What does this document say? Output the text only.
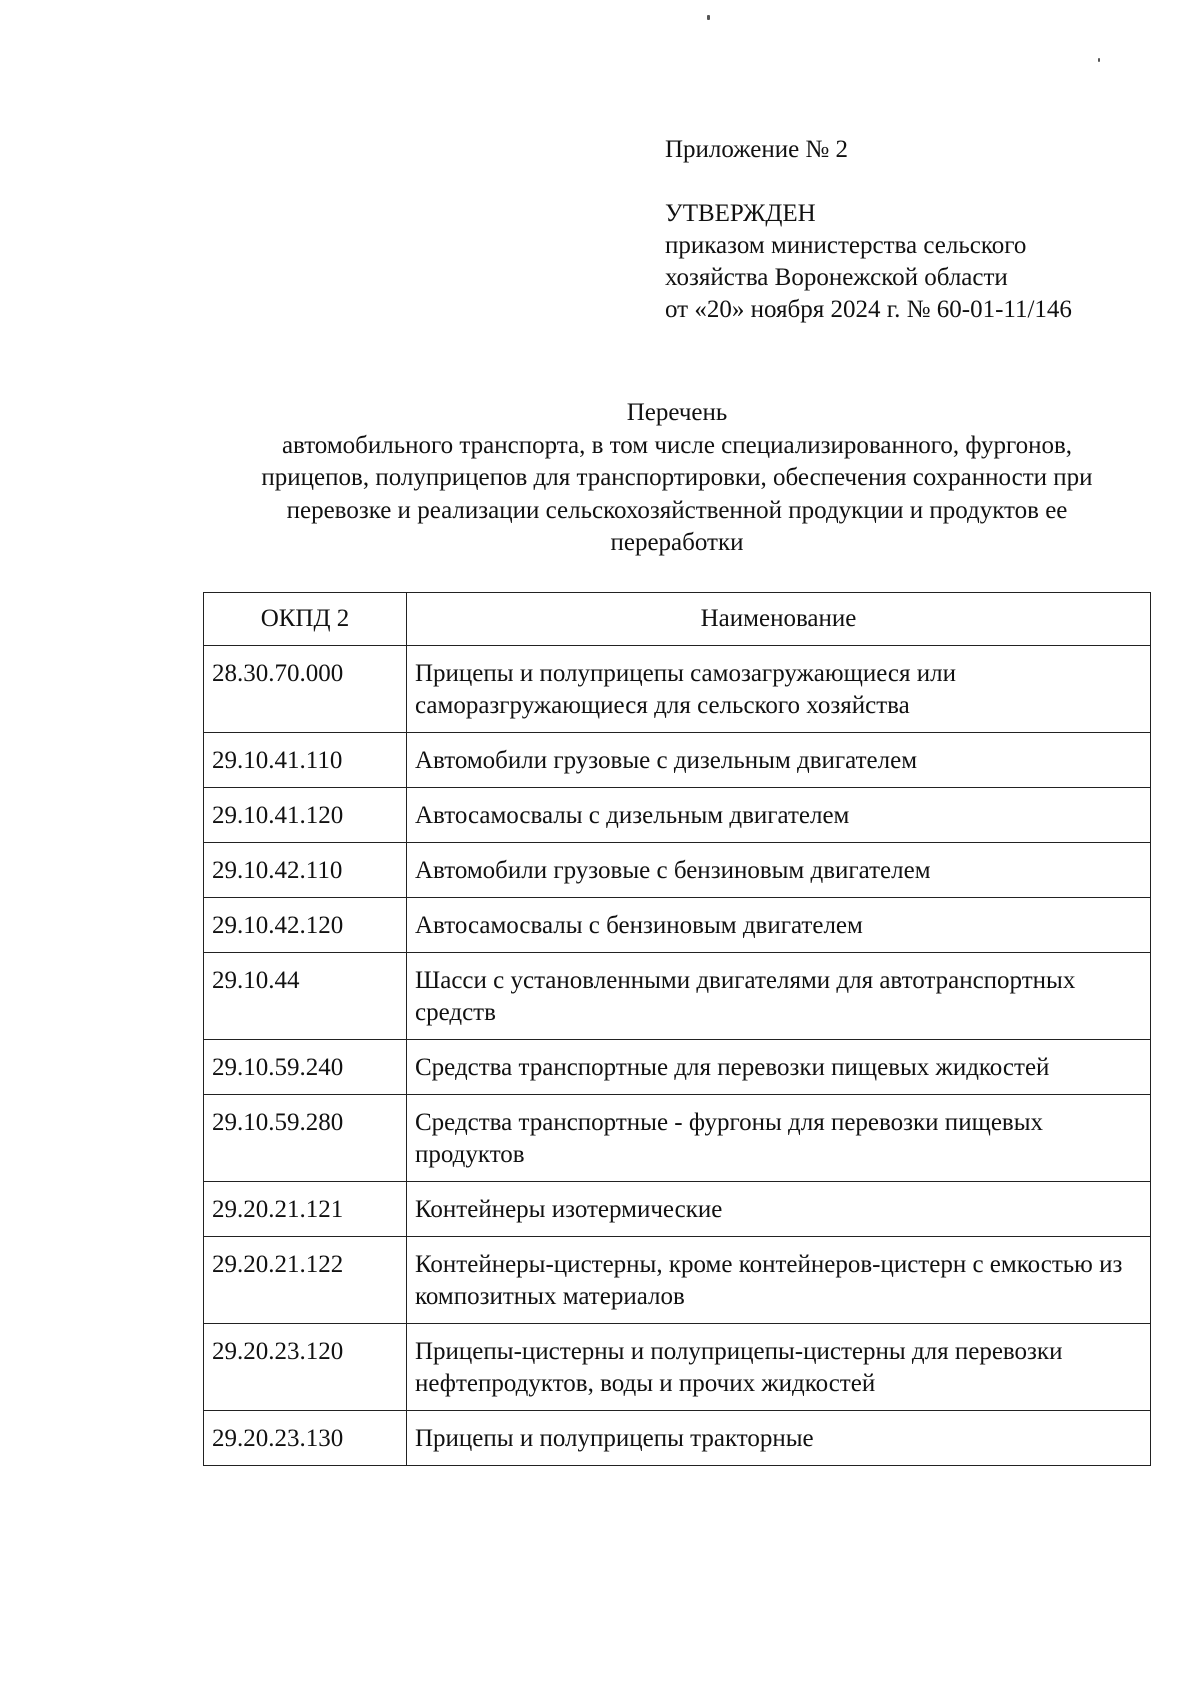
Приложение № 2
УТВЕРЖДЕН
приказом министерства сельского
хозяйства Воронежской области
от «20» ноября 2024 г. № 60-01-11/146
Перечень
автомобильного транспорта, в том числе специализированного, фургонов,
прицепов, полуприцепов для транспортировки, обеспечения сохранности при
перевозке и реализации сельскохозяйственной продукции и продуктов ее
переработки
ОКПД 2	Наименование
28.30.70.000	Прицепы и полуприцепы самозагружающиеся или саморазгружающиеся для сельского хозяйства
29.10.41.110	Автомобили грузовые с дизельным двигателем
29.10.41.120	Автосамосвалы с дизельным двигателем
29.10.42.110	Автомобили грузовые с бензиновым двигателем
29.10.42.120	Автосамосвалы с бензиновым двигателем
29.10.44	Шасси с установленными двигателями для автотранспортных средств
29.10.59.240	Средства транспортные для перевозки пищевых жидкостей
29.10.59.280	Средства транспортные - фургоны для перевозки пищевых продуктов
29.20.21.121	Контейнеры изотермические
29.20.21.122	Контейнеры-цистерны, кроме контейнеров-цистерн с емкостью из композитных материалов
29.20.23.120	Прицепы-цистерны и полуприцепы-цистерны для перевозки нефтепродуктов, воды и прочих жидкостей
29.20.23.130	Прицепы и полуприцепы тракторные
